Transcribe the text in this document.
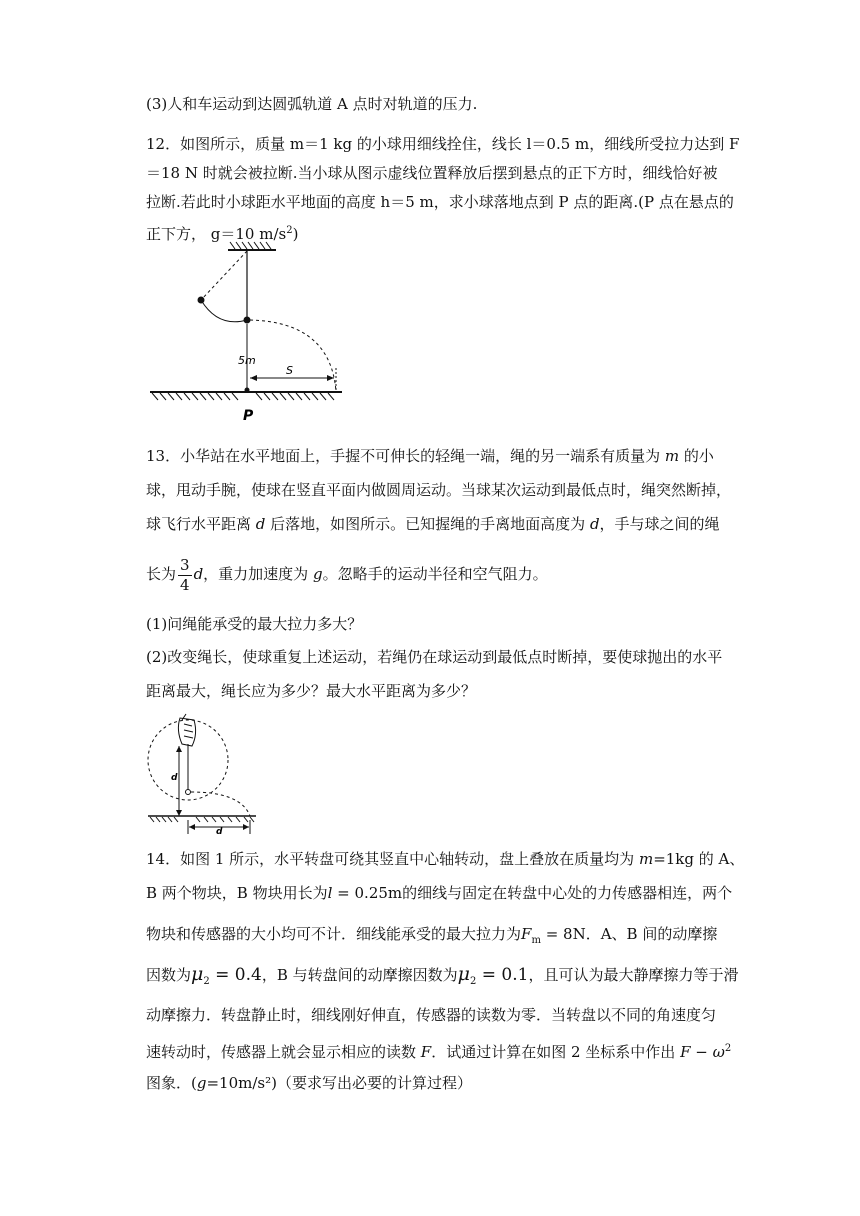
(3)人和车运动到达圆弧轨道 A 点时对轨道的压力.
12．如图所示，质量 m＝1 kg 的小球用细线拴住，线长 l＝0.5 m，细线所受拉力达到 F
＝18 N 时就会被拉断.当小球从图示虚线位置释放后摆到悬点的正下方时，细线恰好被
拉断.若此时小球距水平地面的高度 h＝5 m，求小球落地点到 P 点的距离.(P 点在悬点的
正下方， g＝10 $m/s^2$)
5m
S
P
13．小华站在水平地面上，手握不可伸长的轻绳一端，绳的另一端系有质量为 m 的小
球，甩动手腕，使球在竖直平面内做圆周运动。当球某次运动到最低点时，绳突然断掉，
球飞行水平距离 d 后落地，如图所示。已知握绳的手离地面高度为 d，手与球之间的绳
长为 $\frac{3}{4}$ d，重力加速度为 g。忽略手的运动半径和空气阻力。
(1)问绳能承受的最大拉力多大？
(2)改变绳长，使球重复上述运动，若绳仍在球运动到最低点时断掉，要使球抛出的水平
距离最大，绳长应为多少？最大水平距离为多少？
d
d
14．如图 1 所示，水平转盘可绕其竖直中心轴转动，盘上叠放在质量均为 m=1kg 的 A、
B 两个物块，B 物块用长为l = 0.25m的细线与固定在转盘中心处的力传感器相连，两个
物块和传感器的大小均可不计．细线能承受的最大拉力为$F_m = 8N$．A、B 间的动摩擦
因数为$\mu_2 = 0.4$，B 与转盘间的动摩擦因数为$\mu_2 = 0.1$，且可认为最大静摩擦力等于滑
动摩擦力．转盘静止时，细线刚好伸直，传感器的读数为零．当转盘以不同的角速度匀
速转动时，传感器上就会显示相应的读数 F．试通过计算在如图 2 坐标系中作出 $F - \omega^2$
图象．(g=10m/s²)（要求写出必要的计算过程）
